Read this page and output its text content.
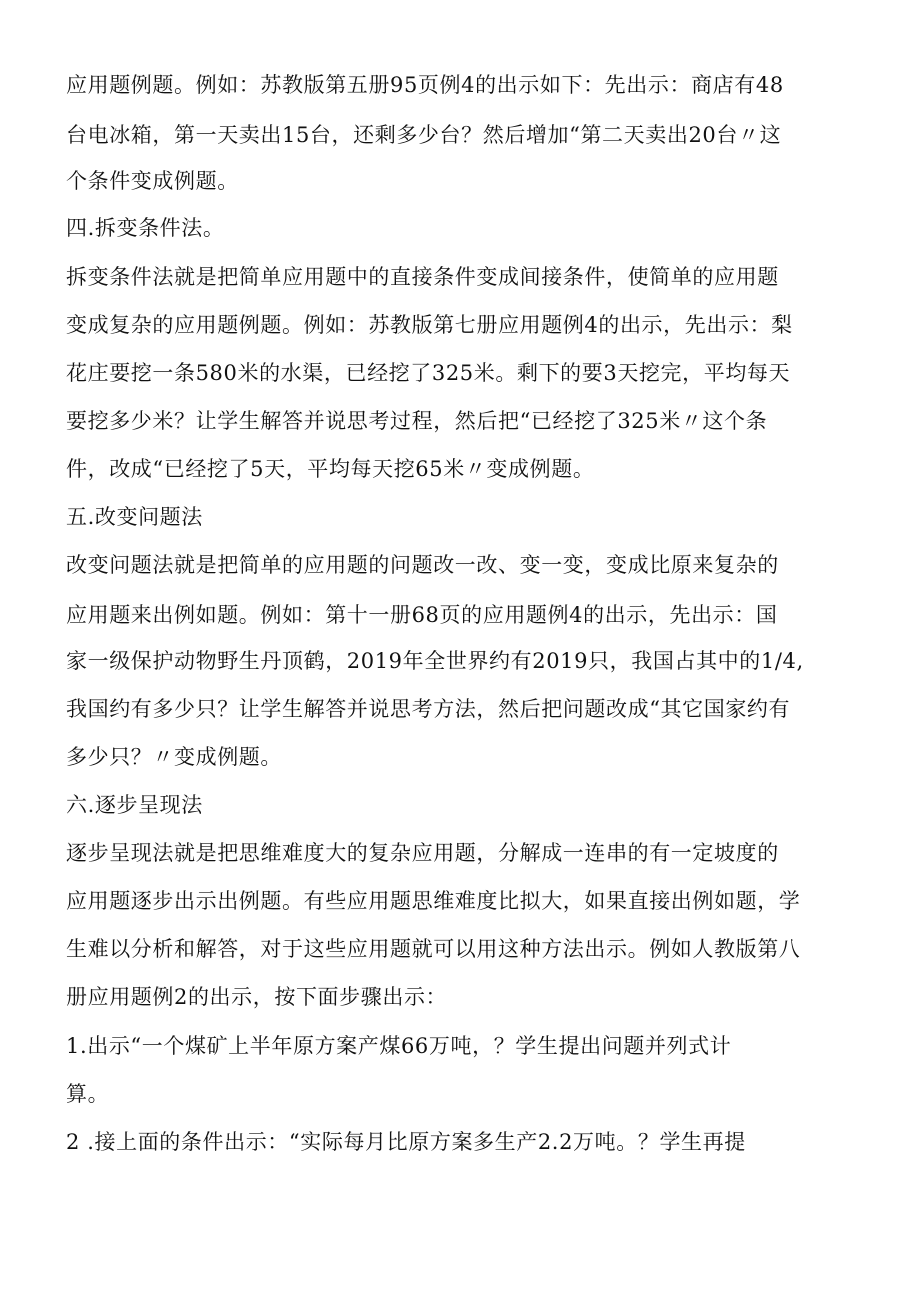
应用题例题。例如：苏教版第五册95页例4的出示如下：先出示：商店有48
台电冰箱，第一天卖出15台，还剩多少台？然后增加“第二天卖出20台〃这
个条件变成例题。
四.拆变条件法。
拆变条件法就是把简单应用题中的直接条件变成间接条件，使简单的应用题
变成复杂的应用题例题。例如：苏教版第七册应用题例4的出示，先出示：梨
花庄要挖一条580米的水渠，已经挖了325米。剩下的要3天挖完，平均每天
要挖多少米？让学生解答并说思考过程，然后把“已经挖了325米〃这个条
件，改成“已经挖了5天，平均每天挖65米〃变成例题。
五.改变问题法
改变问题法就是把简单的应用题的问题改一改、变一变，变成比原来复杂的
应用题来出例如题。例如：第十一册68页的应用题例4的出示，先出示：国
家一级保护动物野生丹顶鹤，2019年全世界约有2019只，我国占其中的1/4,
我国约有多少只？让学生解答并说思考方法，然后把问题改成“其它国家约有
多少只？〃变成例题。
六.逐步呈现法
逐步呈现法就是把思维难度大的复杂应用题，分解成一连串的有一定坡度的
应用题逐步出示出例题。有些应用题思维难度比拟大，如果直接出例如题，学
生难以分析和解答，对于这些应用题就可以用这种方法出示。例如人教版第八
册应用题例2的出示，按下面步骤出示：
1.出示“一个煤矿上半年原方案产煤66万吨，？学生提出问题并列式计
算。
2 .接上面的条件出示：“实际每月比原方案多生产2.2万吨。？学生再提
